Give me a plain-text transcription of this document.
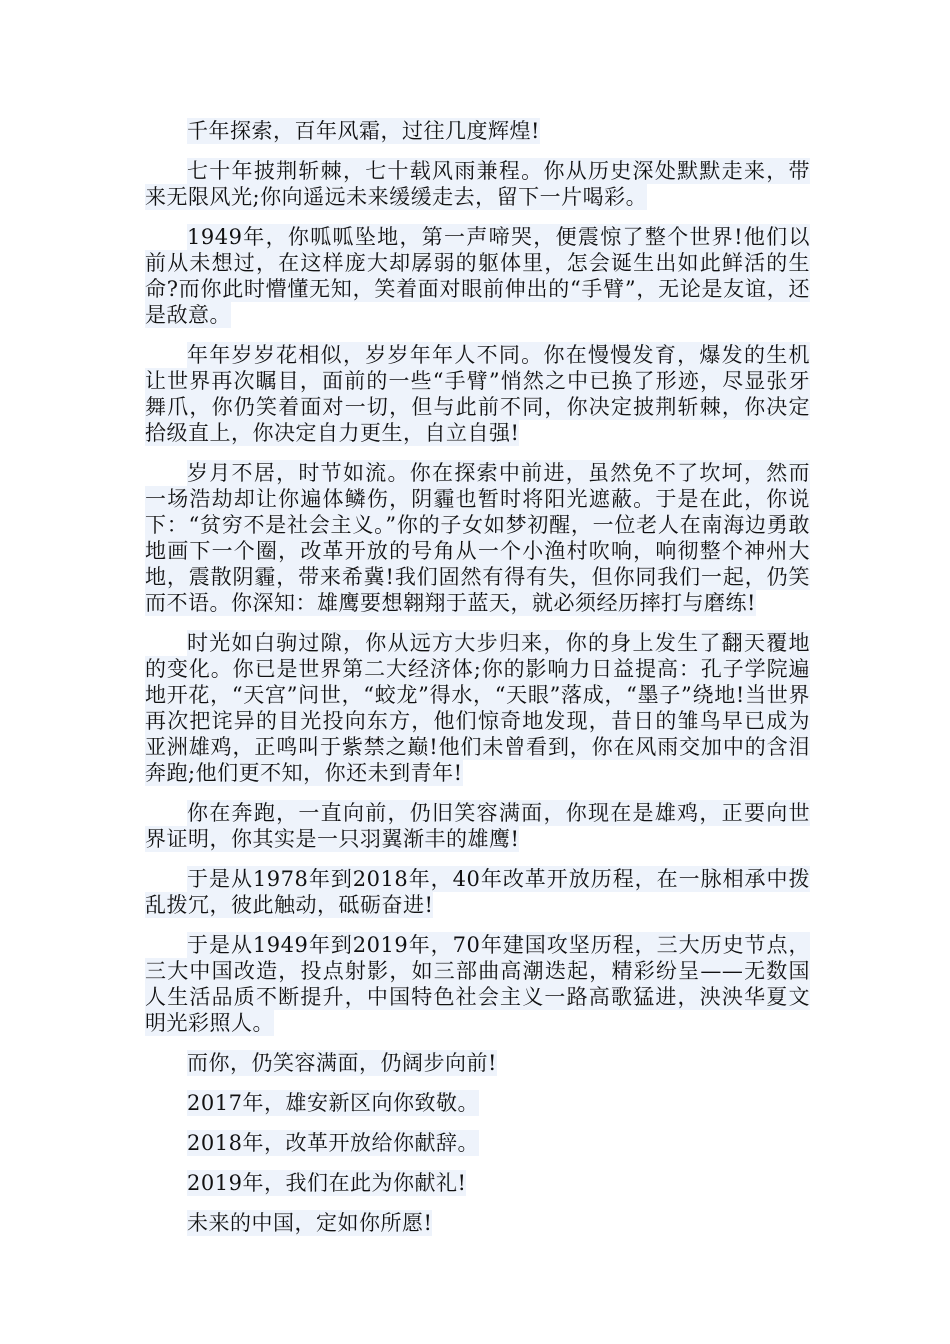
千年探索，百年风霜，过往几度辉煌!

七十年披荆斩棘，七十载风雨兼程。你从历史深处默默走来，带来无限风光;你向遥远未来缓缓走去，留下一片喝彩。

1949年，你呱呱坠地，第一声啼哭，便震惊了整个世界!他们以前从未想过，在这样庞大却孱弱的躯体里，怎会诞生出如此鲜活的生命?而你此时懵懂无知，笑着面对眼前伸出的“手臂”，无论是友谊，还是敌意。

年年岁岁花相似，岁岁年年人不同。你在慢慢发育，爆发的生机让世界再次瞩目，面前的一些“手臂”悄然之中已换了形迹，尽显张牙舞爪，你仍笑着面对一切，但与此前不同，你决定披荆斩棘，你决定拾级直上，你决定自力更生，自立自强!

岁月不居，时节如流。你在探索中前进，虽然免不了坎坷，然而一场浩劫却让你遍体鳞伤，阴霾也暂时将阳光遮蔽。于是在此，你说下：“贫穷不是社会主义。”你的子女如梦初醒，一位老人在南海边勇敢地画下一个圈，改革开放的号角从一个小渔村吹响，响彻整个神州大地，震散阴霾，带来希冀!我们固然有得有失，但你同我们一起，仍笑而不语。你深知：雄鹰要想翱翔于蓝天，就必须经历摔打与磨练!

时光如白驹过隙，你从远方大步归来，你的身上发生了翻天覆地的变化。你已是世界第二大经济体;你的影响力日益提高：孔子学院遍地开花，“天宫”问世，“蛟龙”得水，“天眼”落成，“墨子”绕地!当世界再次把诧异的目光投向东方，他们惊奇地发现，昔日的雏鸟早已成为亚洲雄鸡，正鸣叫于紫禁之巅!他们未曾看到，你在风雨交加中的含泪奔跑;他们更不知，你还未到青年!

你在奔跑，一直向前，仍旧笑容满面，你现在是雄鸡，正要向世界证明，你其实是一只羽翼渐丰的雄鹰!

于是从1978年到2018年，40年改革开放历程，在一脉相承中拨乱拨冗，彼此触动，砥砺奋进!

于是从1949年到2019年，70年建国攻坚历程，三大历史节点，三大中国改造，投点射影，如三部曲高潮迭起，精彩纷呈——无数国人生活品质不断提升，中国特色社会主义一路高歌猛进，泱泱华夏文明光彩照人。

而你，仍笑容满面，仍阔步向前!

2017年，雄安新区向你致敬。

2018年，改革开放给你献辞。

2019年，我们在此为你献礼!

未来的中国，定如你所愿!
